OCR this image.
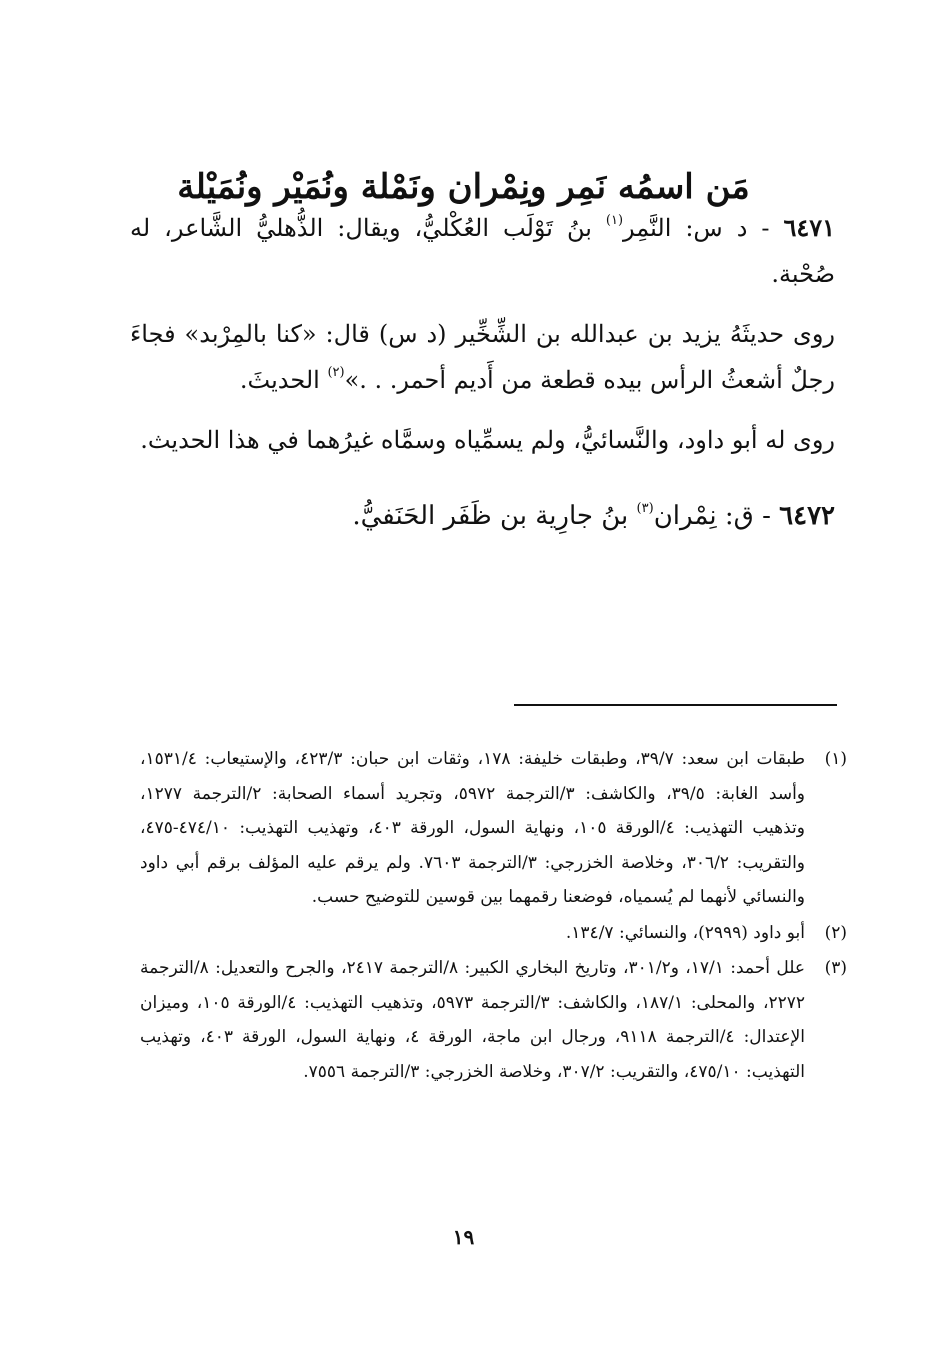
مَن اسمُه نَمِر ونِمْران ونَمْلة ونُمَيْر ونُمَيْلة

٦٤٧١ - د س: النَّمِر$^{(١)}$ بنُ تَوْلَب العُكْليُّ، ويقال: الذُّهليُّ الشَّاعر، له صُحْبة.

روى حديثَهُ يزيد بن عبدالله بن الشِّخِّير (د س) قال: «كنا بالمِرْبد» فجاءَ رجلٌ أشعثُ الرأس بيده قطعة من أَديم أحمر. . .»$^{(٢)}$ الحديثَ.

روى له أبو داود، والنَّسائيُّ، ولم يسمِّياه وسمَّاه غيرُهما في هذا الحديث.

٦٤٧٢ - ق: نِمْران$^{(٣)}$ بنُ جارِية بن ظَفَر الحَنَفيُّ.

(١)
طبقات ابن سعد: ٣٩/٧، وطبقات خليفة: ١٧٨، وثقات ابن حبان: ٤٢٣/٣، والإستيعاب: ١٥٣١/٤، وأسد الغابة: ٣٩/٥، والكاشف: ٣/الترجمة ٥٩٧٢، وتجريد أسماء الصحابة: ٢/الترجمة ١٢٧٧، وتذهيب التهذيب: ٤/الورقة ١٠٥، ونهاية السول، الورقة ٤٠٣، وتهذيب التهذيب: ٤٧٤/١٠-٤٧٥، والتقريب: ٣٠٦/٢، وخلاصة الخزرجي: ٣/الترجمة ٧٦٠٣. ولم يرقم عليه المؤلف برقم أبي داود والنسائي لأنهما لم يُسمياه، فوضعنا رقمهما بين قوسين للتوضيح حسب.
(٢)
أبو داود (٢٩٩٩)، والنسائي: ١٣٤/٧.
(٣)
علل أحمد: ١٧/١، و٣٠١/٢، وتاريخ البخاري الكبير: ٨/الترجمة ٢٤١٧، والجرح والتعديل: ٨/الترجمة ٢٢٧٢، والمحلى: ١٨٧/١، والكاشف: ٣/الترجمة ٥٩٧٣، وتذهيب التهذيب: ٤/الورقة ١٠٥، وميزان الإعتدال: ٤/الترجمة ٩١١٨، ورجال ابن ماجة، الورقة ٤، ونهاية السول، الورقة ٤٠٣، وتهذيب التهذيب: ٤٧٥/١٠، والتقريب: ٣٠٧/٢، وخلاصة الخزرجي: ٣/الترجمة ٧٥٥٦.
١٩
